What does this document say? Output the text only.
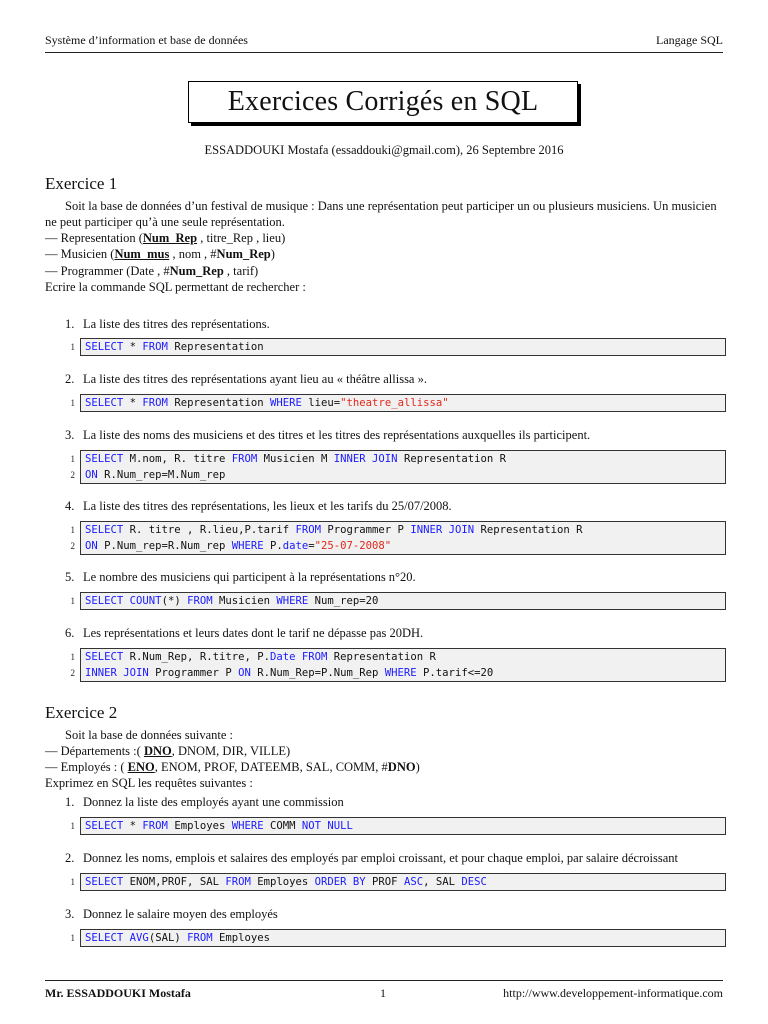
Système d’information et base de données	Langage SQL
Exercices Corrigés en SQL
ESSADDOUKI Mostafa (essaddouki@gmail.com), 26 Septembre 2016
Exercice 1
Soit la base de données d’un festival de musique : Dans une représentation peut participer un ou plusieurs musiciens. Un musicien ne peut participer qu’à une seule représentation.
— Representation (Num_Rep , titre_Rep , lieu)
— Musicien (Num_mus , nom , #Num_Rep)
— Programmer (Date , #Num_Rep , tarif)
Ecrire la commande SQL permettant de rechercher :
1. La liste des titres des représentations.
1 SELECT * FROM Representation
2. La liste des titres des représentations ayant lieu au « théâtre allissa ».
1 SELECT * FROM Representation WHERE lieu="theatre_allissa"
3. La liste des noms des musiciens et des titres et les titres des représentations auxquelles ils participent.
1 SELECT M.nom, R. titre FROM Musicien M INNER JOIN Representation R
2 ON R.Num_rep=M.Num_rep
4. La liste des titres des représentations, les lieux et les tarifs du 25/07/2008.
1 SELECT R. titre , R.lieu,P.tarif FROM Programmer P INNER JOIN Representation R
2 ON P.Num_rep=R.Num_rep WHERE P.date="25-07-2008"
5. Le nombre des musiciens qui participent à la représentations n°20.
1 SELECT COUNT(*) FROM Musicien WHERE Num_rep=20
6. Les représentations et leurs dates dont le tarif ne dépasse pas 20DH.
1 SELECT R.Num_Rep, R.titre, P.Date FROM Representation R
2 INNER JOIN Programmer P ON R.Num_Rep=P.Num_Rep WHERE P.tarif<=20
Exercice 2
Soit la base de données suivante :
— Départements :( DNO, DNOM, DIR, VILLE)
— Employés : ( ENO, ENOM, PROF, DATEEMB, SAL, COMM, #DNO)
Exprimez en SQL les requêtes suivantes :
1. Donnez la liste des employés ayant une commission
1 SELECT * FROM Employes WHERE COMM NOT NULL
2. Donnez les noms, emplois et salaires des employés par emploi croissant, et pour chaque emploi, par salaire décroissant
1 SELECT ENOM,PROF, SAL FROM Employes ORDER BY PROF ASC, SAL DESC
3. Donnez le salaire moyen des employés
1 SELECT AVG(SAL) FROM Employes
Mr. ESSADDOUKI Mostafa	1	http://www.developpement-informatique.com
